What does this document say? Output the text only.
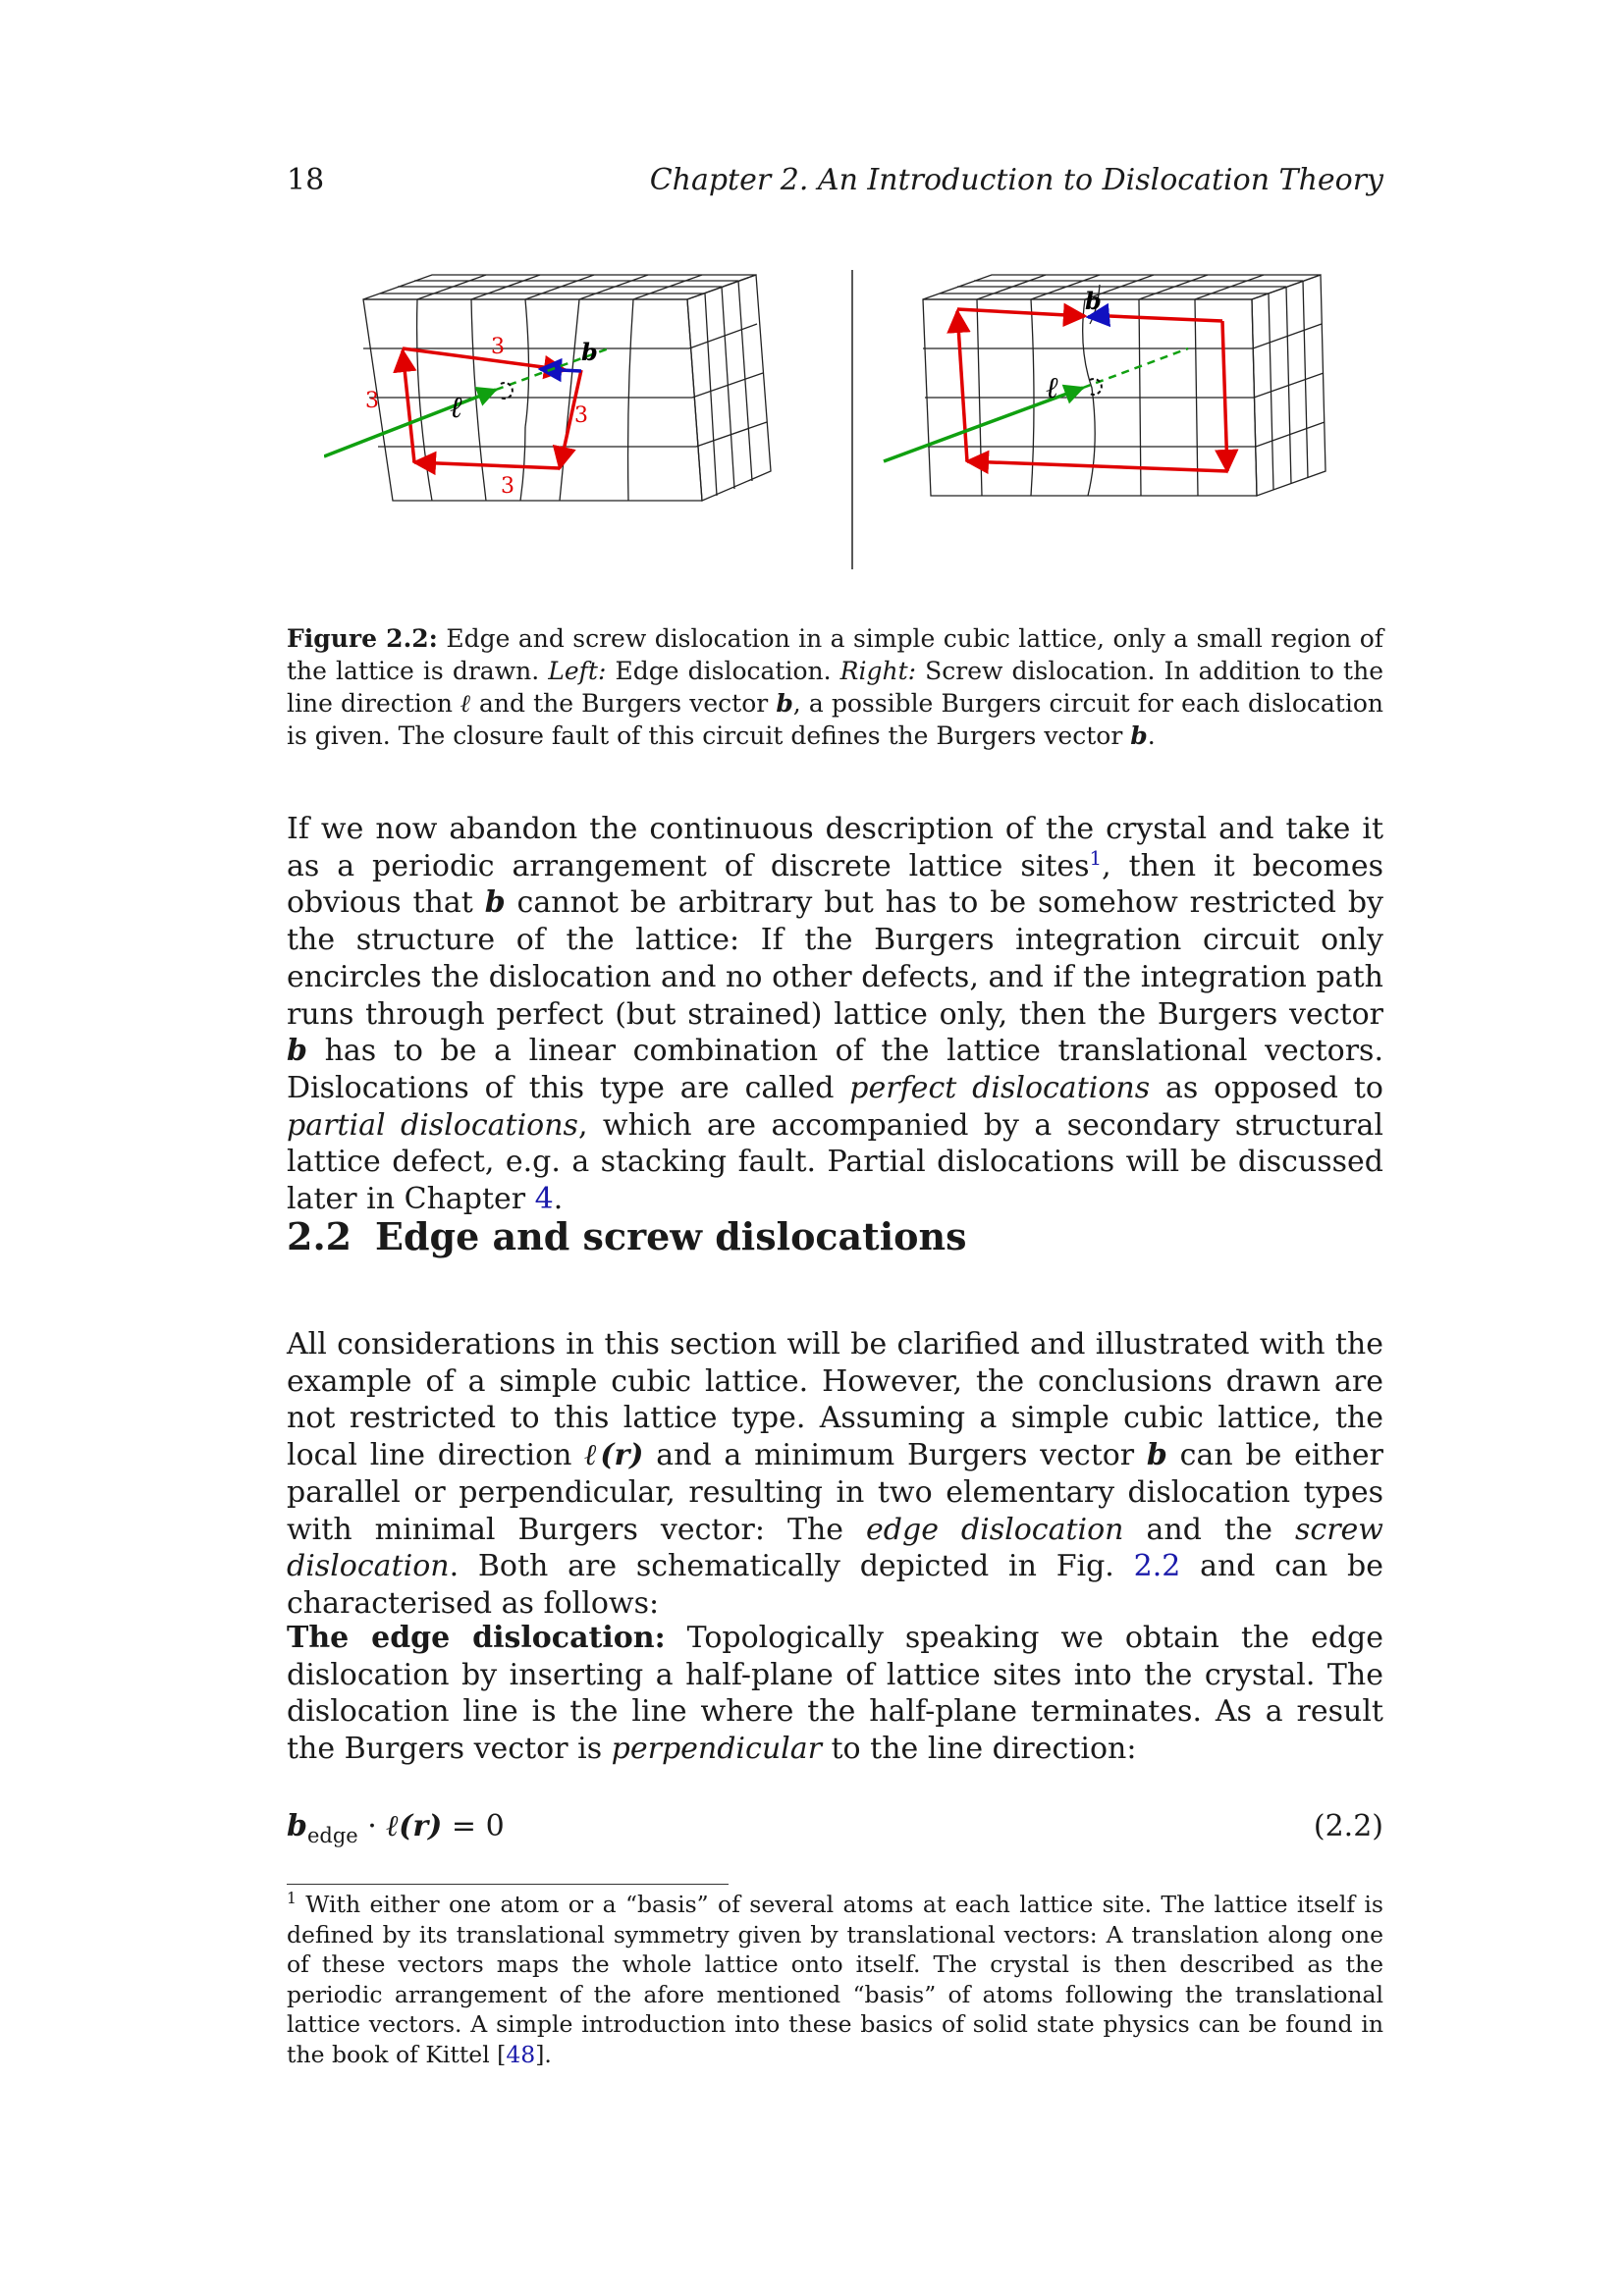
18	Chapter 2. An Introduction to Dislocation Theory
3
3
3
3
b
ℓ
b
ℓ
Figure 2.2: Edge and screw dislocation in a simple cubic lattice, only a small region of the lattice is drawn. Left: Edge dislocation. Right: Screw dislocation. In addition to the line direction ℓ and the Burgers vector b, a possible Burgers circuit for each dislocation is given. The closure fault of this circuit defines the Burgers vector b.
If we now abandon the continuous description of the crystal and take it as a periodic arrangement of discrete lattice sites$^1$, then it becomes obvious that b cannot be arbitrary but has to be somehow restricted by the structure of the lattice: If the Burgers integration circuit only encircles the dislocation and no other defects, and if the integration path runs through perfect (but strained) lattice only, then the Burgers vector b has to be a linear combination of the lattice translational vectors. Dislocations of this type are called perfect dislocations as opposed to partial dislocations, which are accompanied by a secondary structural lattice defect, e.g. a stacking fault. Partial dislocations will be discussed later in Chapter 4.
2.2 Edge and screw dislocations
All considerations in this section will be clarified and illustrated with the example of a simple cubic lattice. However, the conclusions drawn are not restricted to this lattice type. Assuming a simple cubic lattice, the local line direction ℓ(r) and a minimum Burgers vector b can be either parallel or perpendicular, resulting in two elementary dislocation types with minimal Burgers vector: The edge dislocation and the screw dislocation. Both are schematically depicted in Fig. 2.2 and can be characterised as follows:
The edge dislocation: Topologically speaking we obtain the edge dislocation by inserting a half-plane of lattice sites into the crystal. The dislocation line is the line where the half-plane terminates. As a result the Burgers vector is perpendicular to the line direction:
$b_{edge}$ · ℓ(r) = 0	(2.2)
$^1$ With either one atom or a “basis” of several atoms at each lattice site. The lattice itself is defined by its translational symmetry given by translational vectors: A translation along one of these vectors maps the whole lattice onto itself. The crystal is then described as the periodic arrangement of the afore mentioned “basis” of atoms following the translational lattice vectors. A simple introduction into these basics of solid state physics can be found in the book of Kittel [48].
